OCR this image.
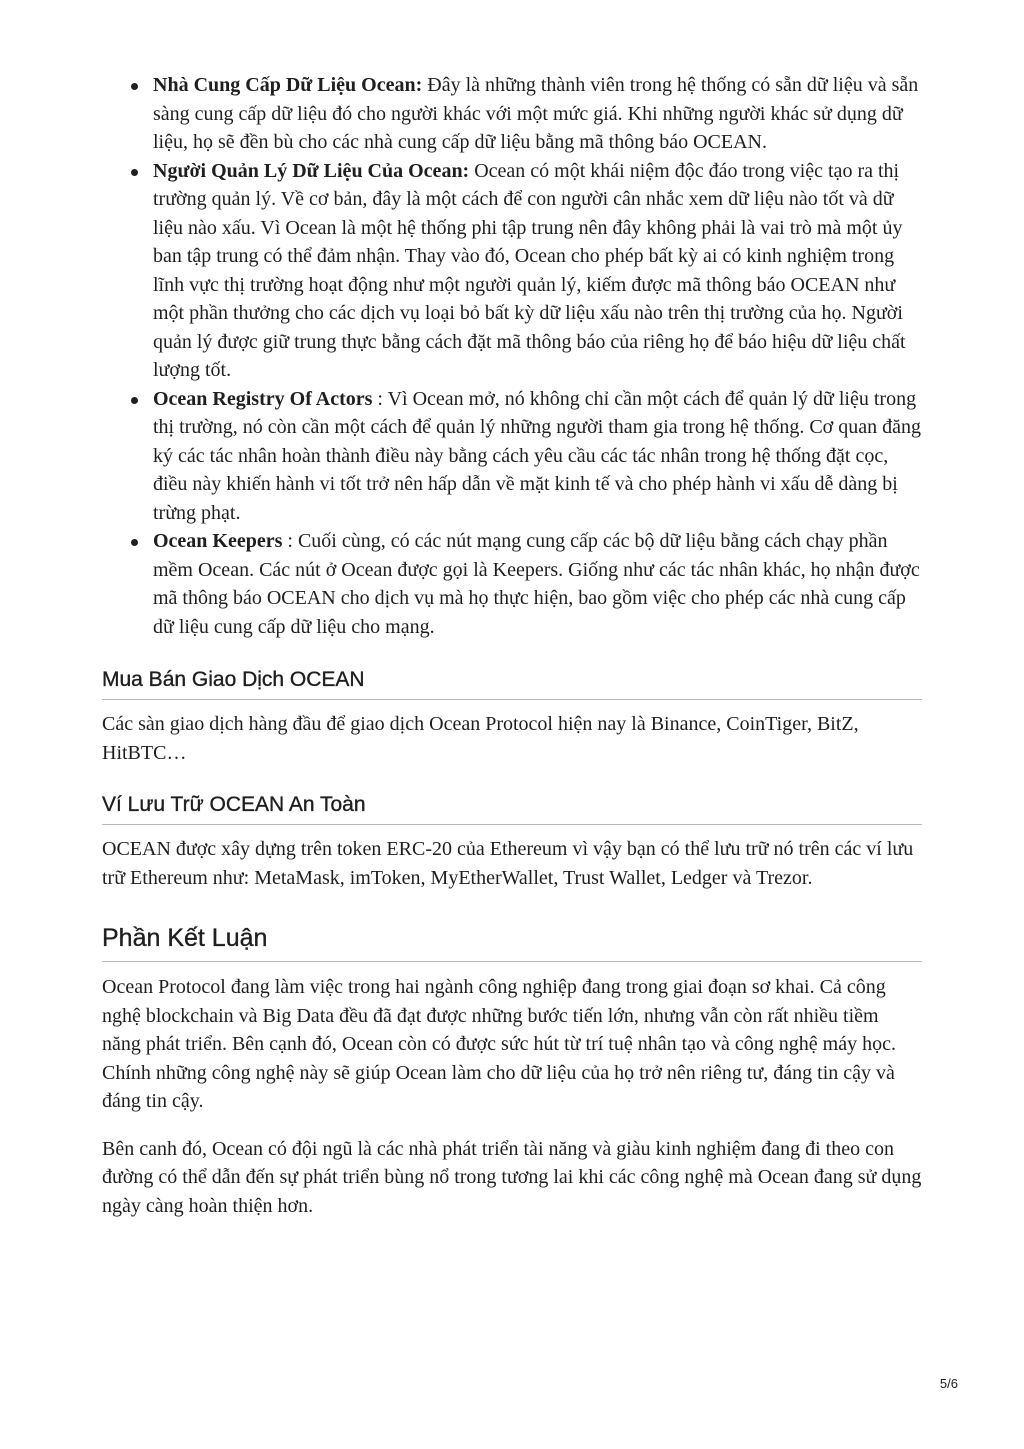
Nhà Cung Cấp Dữ Liệu Ocean: Đây là những thành viên trong hệ thống có sẵn dữ liệu và sẵn sàng cung cấp dữ liệu đó cho người khác với một mức giá. Khi những người khác sử dụng dữ liệu, họ sẽ đền bù cho các nhà cung cấp dữ liệu bằng mã thông báo OCEAN.
Người Quản Lý Dữ Liệu Của Ocean: Ocean có một khái niệm độc đáo trong việc tạo ra thị trường quản lý. Về cơ bản, đây là một cách để con người cân nhắc xem dữ liệu nào tốt và dữ liệu nào xấu. Vì Ocean là một hệ thống phi tập trung nên đây không phải là vai trò mà một ủy ban tập trung có thể đảm nhận. Thay vào đó, Ocean cho phép bất kỳ ai có kinh nghiệm trong lĩnh vực thị trường hoạt động như một người quản lý, kiếm được mã thông báo OCEAN như một phần thưởng cho các dịch vụ loại bỏ bất kỳ dữ liệu xấu nào trên thị trường của họ. Người quản lý được giữ trung thực bằng cách đặt mã thông báo của riêng họ để báo hiệu dữ liệu chất lượng tốt.
Ocean Registry Of Actors : Vì Ocean mở, nó không chỉ cần một cách để quản lý dữ liệu trong thị trường, nó còn cần một cách để quản lý những người tham gia trong hệ thống. Cơ quan đăng ký các tác nhân hoàn thành điều này bằng cách yêu cầu các tác nhân trong hệ thống đặt cọc, điều này khiến hành vi tốt trở nên hấp dẫn về mặt kinh tế và cho phép hành vi xấu dễ dàng bị trừng phạt.
Ocean Keepers : Cuối cùng, có các nút mạng cung cấp các bộ dữ liệu bằng cách chạy phần mềm Ocean. Các nút ở Ocean được gọi là Keepers. Giống như các tác nhân khác, họ nhận được mã thông báo OCEAN cho dịch vụ mà họ thực hiện, bao gồm việc cho phép các nhà cung cấp dữ liệu cung cấp dữ liệu cho mạng.
Mua Bán Giao Dịch OCEAN

Các sàn giao dịch hàng đầu để giao dịch Ocean Protocol hiện nay là Binance, CoinTiger, BitZ, HitBTC…

Ví Lưu Trữ OCEAN An Toàn

OCEAN được xây dựng trên token ERC-20 của Ethereum vì vậy bạn có thể lưu trữ nó trên các ví lưu trữ Ethereum như: MetaMask, imToken, MyEtherWallet, Trust Wallet, Ledger và Trezor.

Phần Kết Luận

Ocean Protocol đang làm việc trong hai ngành công nghiệp đang trong giai đoạn sơ khai. Cả công nghệ blockchain và Big Data đều đã đạt được những bước tiến lớn, nhưng vẫn còn rất nhiều tiềm năng phát triển. Bên cạnh đó, Ocean còn có được sức hút từ trí tuệ nhân tạo và công nghệ máy học. Chính những công nghệ này sẽ giúp Ocean làm cho dữ liệu của họ trở nên riêng tư, đáng tin cậy và đáng tin cậy.

Bên canh đó, Ocean có đội ngũ là các nhà phát triển tài năng và giàu kinh nghiệm đang đi theo con đường có thể dẫn đến sự phát triển bùng nổ trong tương lai khi các công nghệ mà Ocean đang sử dụng ngày càng hoàn thiện hơn.

5/6
